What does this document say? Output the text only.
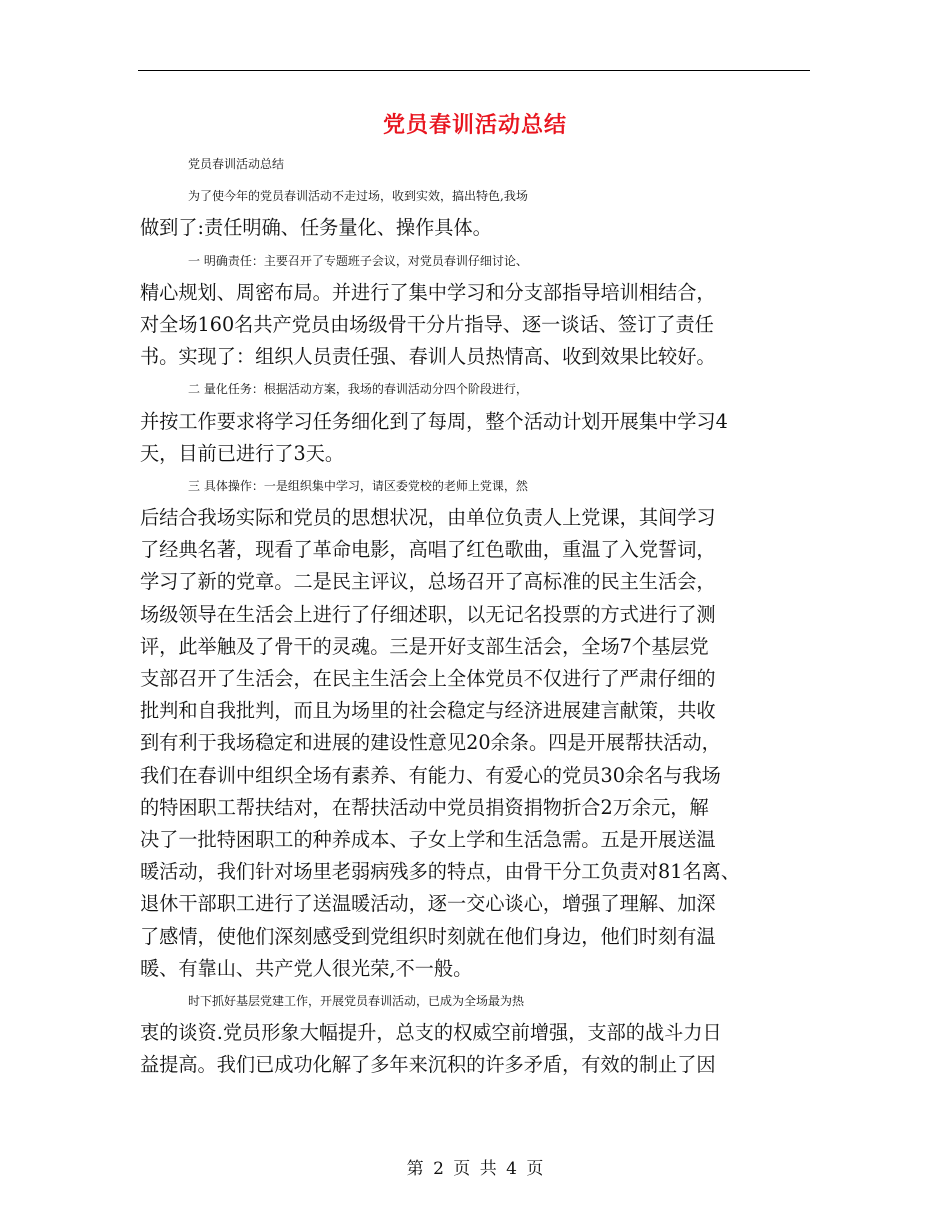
党员春训活动总结
党员春训活动总结
为了使今年的党员春训活动不走过场，收到实效，搞出特色,我场
做到了:责任明确、任务量化、操作具体。
一 明确责任：主要召开了专题班子会议，对党员春训仔细讨论、
精心规划、周密布局。并进行了集中学习和分支部指导培训相结合，
对全场160名共产党员由场级骨干分片指导、逐一谈话、签订了责任
书。实现了：组织人员责任强、春训人员热情高、收到效果比较好。
二 量化任务：根据活动方案，我场的春训活动分四个阶段进行，
并按工作要求将学习任务细化到了每周，整个活动计划开展集中学习4
天，目前已进行了3天。
三 具体操作：一是组织集中学习，请区委党校的老师上党课，然
后结合我场实际和党员的思想状况，由单位负责人上党课，其间学习
了经典名著，现看了革命电影，高唱了红色歌曲，重温了入党誓词，
学习了新的党章。二是民主评议，总场召开了高标准的民主生活会，
场级领导在生活会上进行了仔细述职，以无记名投票的方式进行了测
评，此举触及了骨干的灵魂。三是开好支部生活会，全场7个基层党
支部召开了生活会，在民主生活会上全体党员不仅进行了严肃仔细的
批判和自我批判，而且为场里的社会稳定与经济进展建言献策，共收
到有利于我场稳定和进展的建设性意见20余条。四是开展帮扶活动，
我们在春训中组织全场有素养、有能力、有爱心的党员30余名与我场
的特困职工帮扶结对，在帮扶活动中党员捐资捐物折合2万余元，解
决了一批特困职工的种养成本、子女上学和生活急需。五是开展送温
暖活动，我们针对场里老弱病残多的特点，由骨干分工负责对81名离、
退休干部职工进行了送温暖活动，逐一交心谈心，增强了理解、加深
了感情，使他们深刻感受到党组织时刻就在他们身边，他们时刻有温
暖、有靠山、共产党人很光荣,不一般。
时下抓好基层党建工作，开展党员春训活动，已成为全场最为热
衷的谈资.党员形象大幅提升，总支的权威空前增强，支部的战斗力日
益提高。我们已成功化解了多年来沉积的许多矛盾，有效的制止了因
第 2 页 共 4 页
